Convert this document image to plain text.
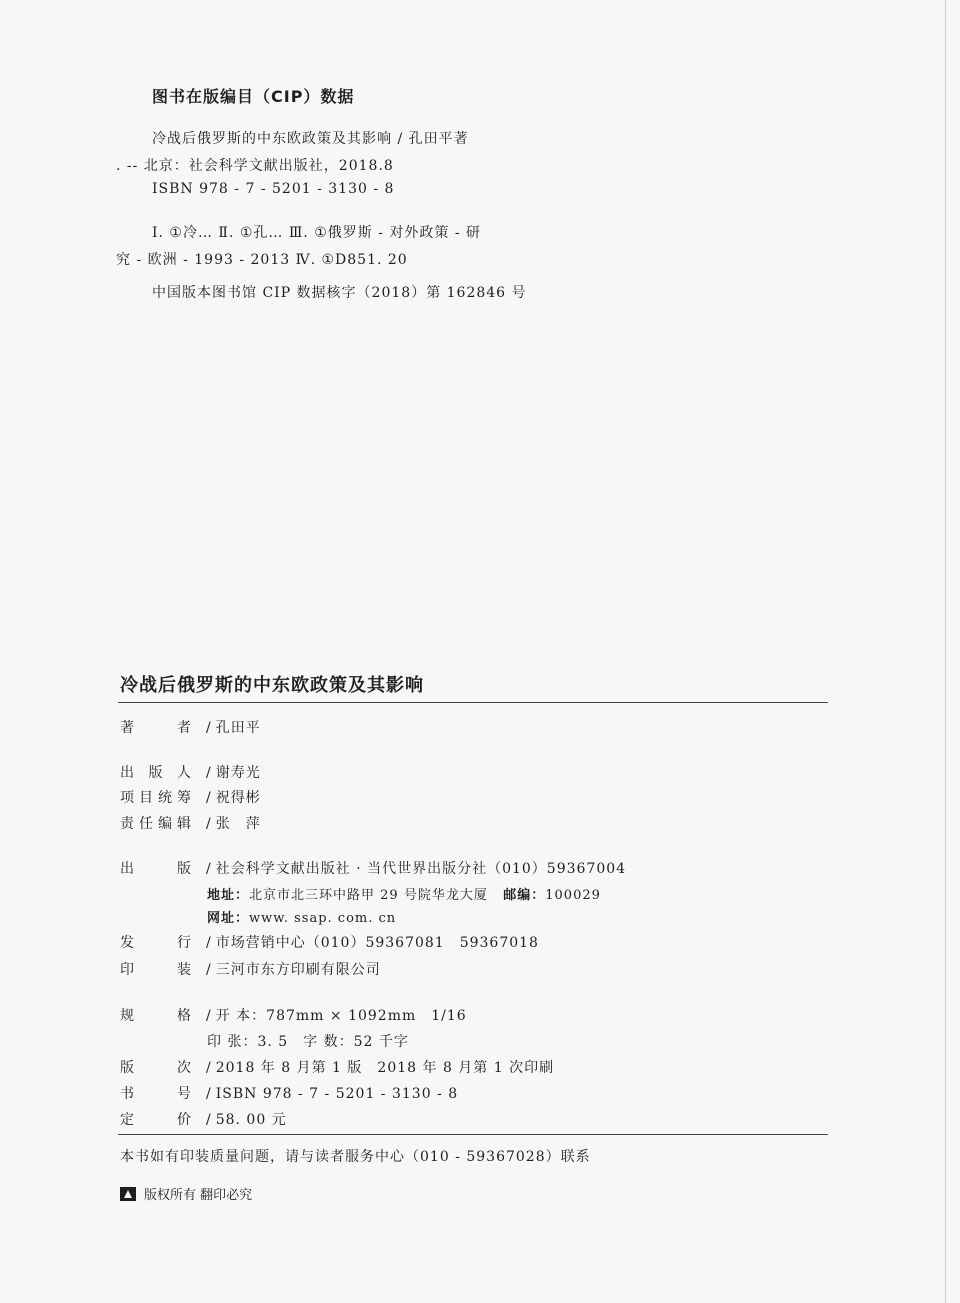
图书在版编目（CIP）数据
冷战后俄罗斯的中东欧政策及其影响 / 孔田平著
. -- 北京：社会科学文献出版社，2018.8
ISBN 978 - 7 - 5201 - 3130 - 8
Ⅰ. ①冷… Ⅱ. ①孔… Ⅲ. ①俄罗斯 - 对外政策 - 研
究 - 欧洲 - 1993 - 2013 Ⅳ. ①D851. 20
中国版本图书馆 CIP 数据核字（2018）第 162846 号
冷战后俄罗斯的中东欧政策及其影响
著　　者 / 孔田平
出 版 人 / 谢寿光
项目统筹 / 祝得彬
责任编辑 / 张　萍
出　　版 / 社会科学文献出版社 · 当代世界出版分社（010）59367004
地址：北京市北三环中路甲 29 号院华龙大厦 邮编：100029
网址：www. ssap. com. cn
发　　行 / 市场营销中心（010）59367081　59367018
印　　装 / 三河市东方印刷有限公司
规　　格 / 开 本：787mm × 1092mm　1/16
印 张：3. 5　字 数：52 千字
版　　次 / 2018 年 8 月第 1 版　2018 年 8 月第 1 次印刷
书　　号 / ISBN 978 - 7 - 5201 - 3130 - 8
定　　价 / 58. 00 元
本书如有印装质量问题，请与读者服务中心（010 - 59367028）联系
版权所有 翻印必究
